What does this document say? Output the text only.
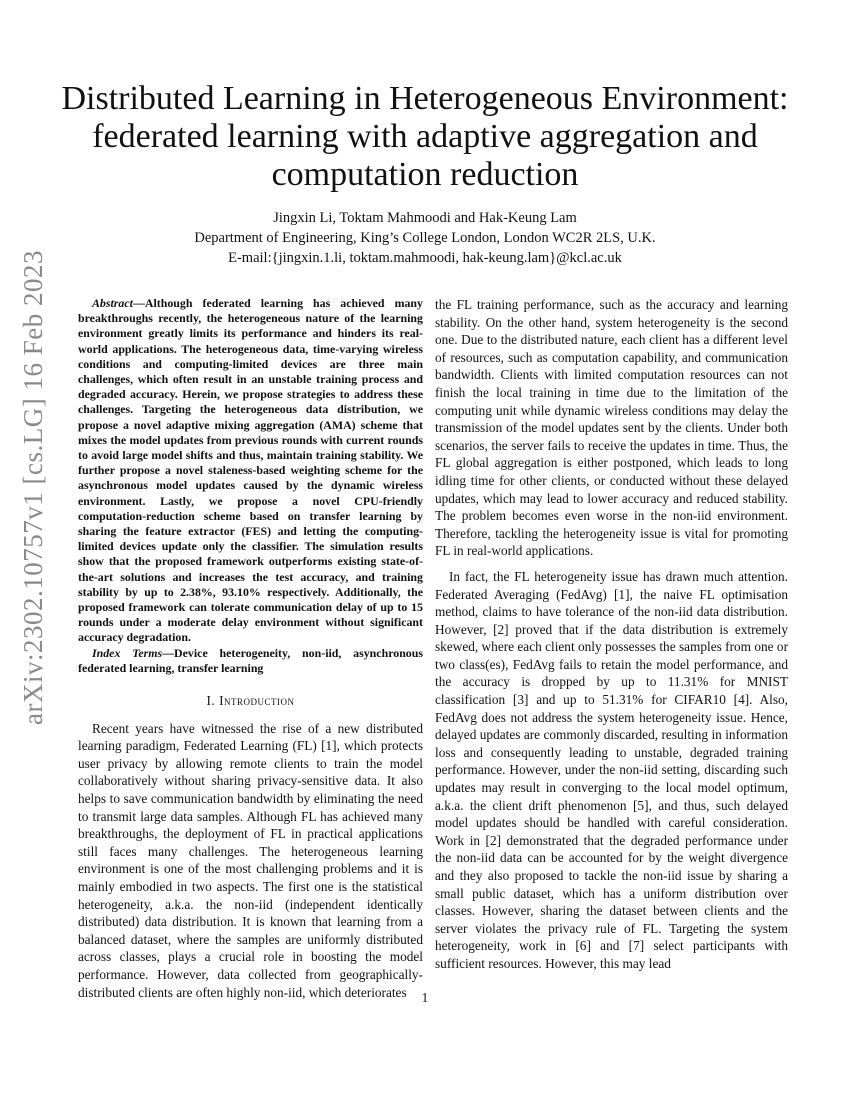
arXiv:2302.10757v1 [cs.LG] 16 Feb 2023
Distributed Learning in Heterogeneous Environment:
federated learning with adaptive aggregation and
computation reduction
Jingxin Li, Toktam Mahmoodi and Hak-Keung Lam
Department of Engineering, King’s College London, London WC2R 2LS, U.K.
E-mail:{jingxin.1.li, toktam.mahmoodi, hak-keung.lam}@kcl.ac.uk

Abstract—Although federated learning has achieved many breakthroughs recently, the heterogeneous nature of the learning environment greatly limits its performance and hinders its real-world applications. The heterogeneous data, time-varying wireless conditions and computing-limited devices are three main challenges, which often result in an unstable training process and degraded accuracy. Herein, we propose strategies to address these challenges. Targeting the heterogeneous data distribution, we propose a novel adaptive mixing aggregation (AMA) scheme that mixes the model updates from previous rounds with current rounds to avoid large model shifts and thus, maintain training stability. We further propose a novel staleness-based weighting scheme for the asynchronous model updates caused by the dynamic wireless environment. Lastly, we propose a novel CPU-friendly computation-reduction scheme based on transfer learning by sharing the feature extractor (FES) and letting the computing-limited devices update only the classifier. The simulation results show that the proposed framework outperforms existing state-of-the-art solutions and increases the test accuracy, and training stability by up to 2.38%, 93.10% respectively. Additionally, the proposed framework can tolerate communication delay of up to 15 rounds under a moderate delay environment without significant accuracy degradation.

Index Terms—Device heterogeneity, non-iid, asynchronous federated learning, transfer learning

I. Introduction

Recent years have witnessed the rise of a new distributed learning paradigm, Federated Learning (FL) [1], which protects user privacy by allowing remote clients to train the model collaboratively without sharing privacy-sensitive data. It also helps to save communication bandwidth by eliminating the need to transmit large data samples. Although FL has achieved many breakthroughs, the deployment of FL in practical applications still faces many challenges. The heterogeneous learning environment is one of the most challenging problems and it is mainly embodied in two aspects. The first one is the statistical heterogeneity, a.k.a. the non-iid (independent identically distributed) data distribution. It is known that learning from a balanced dataset, where the samples are uniformly distributed across classes, plays a crucial role in boosting the model performance. However, data collected from geographically-distributed clients are often highly non-iid, which deteriorates

the FL training performance, such as the accuracy and learning stability. On the other hand, system heterogeneity is the second one. Due to the distributed nature, each client has a different level of resources, such as computation capability, and communication bandwidth. Clients with limited computation resources can not finish the local training in time due to the limitation of the computing unit while dynamic wireless conditions may delay the transmission of the model updates sent by the clients. Under both scenarios, the server fails to receive the updates in time. Thus, the FL global aggregation is either postponed, which leads to long idling time for other clients, or conducted without these delayed updates, which may lead to lower accuracy and reduced stability. The problem becomes even worse in the non-iid environment. Therefore, tackling the heterogeneity issue is vital for promoting FL in real-world applications.

In fact, the FL heterogeneity issue has drawn much attention. Federated Averaging (FedAvg) [1], the naive FL optimisation method, claims to have tolerance of the non-iid data distribution. However, [2] proved that if the data distribution is extremely skewed, where each client only possesses the samples from one or two class(es), FedAvg fails to retain the model performance, and the accuracy is dropped by up to 11.31% for MNIST classification [3] and up to 51.31% for CIFAR10 [4]. Also, FedAvg does not address the system heterogeneity issue. Hence, delayed updates are commonly discarded, resulting in information loss and consequently leading to unstable, degraded training performance. However, under the non-iid setting, discarding such updates may result in converging to the local model optimum, a.k.a. the client drift phenomenon [5], and thus, such delayed model updates should be handled with careful consideration. Work in [2] demonstrated that the degraded performance under the non-iid data can be accounted for by the weight divergence and they also proposed to tackle the non-iid issue by sharing a small public dataset, which has a uniform distribution over classes. However, sharing the dataset between clients and the server violates the privacy rule of FL. Targeting the system heterogeneity, work in [6] and [7] select participants with sufficient resources. However, this may lead

1
